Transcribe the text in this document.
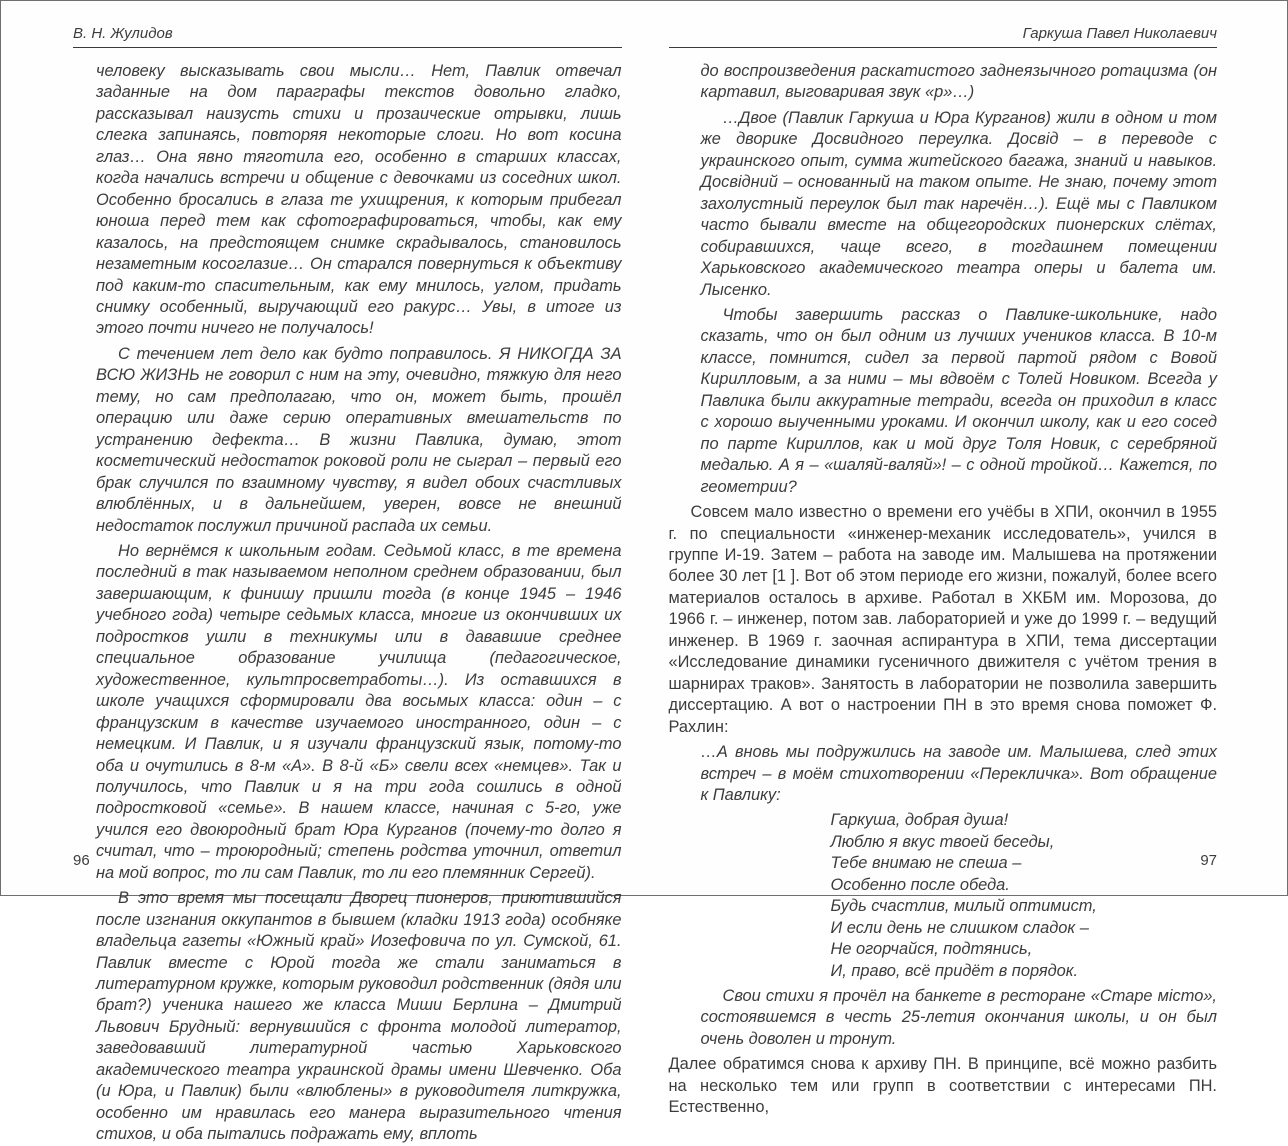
В. Н. Жулидов

человеку высказывать свои мысли… Нет, Павлик отвечал заданные на дом параграфы текстов довольно гладко, рассказывал наизусть стихи и прозаические отрывки, лишь слегка запинаясь, повторяя некоторые слоги. Но вот косина глаз… Она явно тяготила его, особенно в старших классах, когда начались встречи и общение с девочками из соседних школ. Особенно бросались в глаза те ухищрения, к которым прибегал юноша перед тем как сфотографироваться, чтобы, как ему казалось, на предстоящем снимке скрадывалось, становилось незаметным косоглазие… Он старался повернуться к объективу под каким-то спасительным, как ему мнилось, углом, придать снимку особенный, выручающий его ракурс… Увы, в итоге из этого почти ничего не получалось!

С течением лет дело как будто поправилось. Я НИКОГДА ЗА ВСЮ ЖИЗНЬ не говорил с ним на эту, очевидно, тяжкую для него тему, но сам предполагаю, что он, может быть, прошёл операцию или даже серию оперативных вмешательств по устранению дефекта… В жизни Павлика, думаю, этот косметический недостаток роковой роли не сыграл – первый его брак случился по взаимному чувству, я видел обоих счастливых влюблённых, и в дальнейшем, уверен, вовсе не внешний недостаток послужил причиной распада их семьи.

Но вернёмся к школьным годам. Седьмой класс, в те времена последний в так называемом неполном среднем образовании, был завершающим, к финишу пришли тогда (в конце 1945 – 1946 учебного года) четыре седьмых класса, многие из окончивших их подростков ушли в техникумы или в дававшие среднее специальное образование училища (педагогическое, художественное, культпросветработы…). Из оставшихся в школе учащихся сформировали два восьмых класса: один – с французским в качестве изучаемого иностранного, один – с немецким. И Павлик, и я изучали французский язык, потому-то оба и очутились в 8-м «А». В 8-й «Б» свели всех «немцев». Так и получилось, что Павлик и я на три года сошлись в одной подростковой «семье». В нашем классе, начиная с 5-го, уже учился его двоюродный брат Юра Курганов (почему-то долго я считал, что – троюродный; степень родства уточнил, ответил на мой вопрос, то ли сам Павлик, то ли его племянник Сергей).

В это время мы посещали Дворец пионеров, приютившийся после изгнания оккупантов в бывшем (кладки 1913 года) особняке владельца газеты «Южный край» Иозефовича по ул. Сумской, 61. Павлик вместе с Юрой тогда же стали заниматься в литературном кружке, которым руководил родственник (дядя или брат?) ученика нашего же класса Миши Берлина – Дмитрий Львович Брудный: вернувшийся с фронта молодой литератор, заведовавший литературной частью Харьковского академического театра украинской драмы имени Шевченко. Оба (и Юра, и Павлик) были «влюблены» в руководителя литкружка, особенно им нравилась его манера выразительного чтения стихов, и оба пытались подражать ему, вплоть

96
Гаркуша Павел Николаевич

до воспроизведения раскатистого заднеязычного ротацизма (он картавил, выговаривая звук «р»…)

…Двое (Павлик Гаркуша и Юра Курганов) жили в одном и том же дворике Досвидного переулка. Досвід – в переводе с украинского опыт, сумма житейского багажа, знаний и навыков. Досвідний – основанный на таком опыте. Не знаю, почему этот захолустный переулок был так наречён…). Ещё мы с Павликом часто бывали вместе на общегородских пионерских слётах, собиравшихся, чаще всего, в тогдашнем помещении Харьковского академического театра оперы и балета им. Лысенко.

Чтобы завершить рассказ о Павлике-школьнике, надо сказать, что он был одним из лучших учеников класса. В 10-м классе, помнится, сидел за первой партой рядом с Вовой Кирилловым, а за ними – мы вдвоём с Толей Новиком. Всегда у Павлика были аккуратные тетради, всегда он приходил в класс с хорошо выученными уроками. И окончил школу, как и его сосед по парте Кириллов, как и мой друг Толя Новик, с серебряной медалью. А я – «шаляй-валяй»! – с одной тройкой… Кажется, по геометрии?

Совсем мало известно о времени его учёбы в ХПИ, окончил в 1955 г. по специальности «инженер-механик исследователь», учился в группе И-19. Затем – работа на заводе им. Малышева на протяжении более 30 лет [1 ]. Вот об этом периоде его жизни, пожалуй, более всего материалов осталось в архиве. Работал в ХКБМ им. Морозова, до 1966 г. – инженер, потом зав. лабораторией и уже до 1999 г. – ведущий инженер. В 1969 г. заочная аспирантура в ХПИ, тема диссертации «Исследование динамики гусеничного движителя с учётом трения в шарнирах траков». Занятость в лаборатории не позволила завершить диссертацию. А вот о настроении ПН в это время снова поможет Ф. Рахлин:

…А вновь мы подружились на заводе им. Малышева, след этих встреч – в моём стихотворении «Перекличка». Вот обращение к Павлику:

Гаркуша, добрая душа!
Люблю я вкус твоей беседы,
Тебе внимаю не спеша –
Особенно после обеда.
Будь счастлив, милый оптимист,
И если день не слишком сладок –
Не огорчайся, подтянись,
И, право, всё придёт в порядок.

Свои стихи я прочёл на банкете в ресторане «Старе місто», состоявшемся в честь 25-летия окончания школы, и он был очень доволен и тронут.

Далее обратимся снова к архиву ПН. В принципе, всё можно разбить на несколько тем или групп в соответствии с интересами ПН. Естественно,

97
